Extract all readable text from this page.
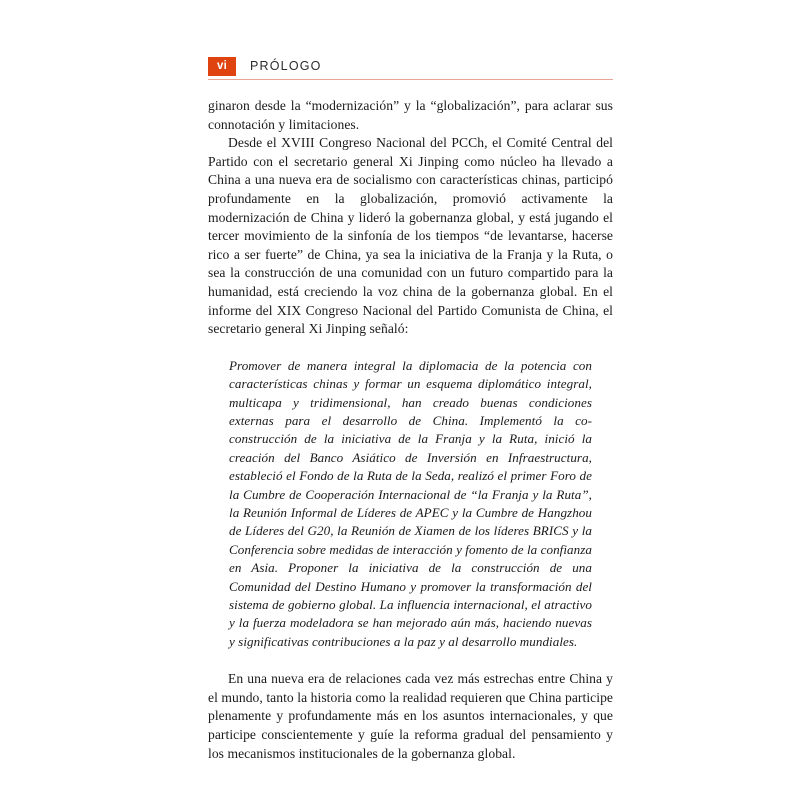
vi	PRÓLOGO

ginaron desde la “modernización” y la “globalización”, para aclarar sus connotación y limitaciones.

Desde el XVIII Congreso Nacional del PCCh, el Comité Central del Partido con el secretario general Xi Jinping como núcleo ha llevado a China a una nueva era de socialismo con características chinas, participó profundamente en la globalización, promovió activamente la modernización de China y lideró la gobernanza global, y está jugando el tercer movimiento de la sinfonía de los tiempos “de levantarse, hacerse rico a ser fuerte” de China, ya sea la iniciativa de la Franja y la Ruta, o sea la construcción de una comunidad con un futuro compartido para la humanidad, está creciendo la voz china de la gobernanza global. En el informe del XIX Congreso Nacional del Partido Comunista de China, el secretario general Xi Jinping señaló:

Promover de manera integral la diplomacia de la potencia con características chinas y formar un esquema diplomático integral, multicapa y tridimensional, han creado buenas condiciones externas para el desarrollo de China. Implementó la co-construcción de la iniciativa de la Franja y la Ruta, inició la creación del Banco Asiático de Inversión en Infraestructura, estableció el Fondo de la Ruta de la Seda, realizó el primer Foro de la Cumbre de Cooperación Internacional de “la Franja y la Ruta”, la Reunión Informal de Líderes de APEC y la Cumbre de Hangzhou de Líderes del G20, la Reunión de Xiamen de los líderes BRICS y la Conferencia sobre medidas de interacción y fomento de la confianza en Asia. Proponer la iniciativa de la construcción de una Comunidad del Destino Humano y promover la transformación del sistema de gobierno global. La influencia internacional, el atractivo y la fuerza modeladora se han mejorado aún más, haciendo nuevas y significativas contribuciones a la paz y al desarrollo mundiales.

En una nueva era de relaciones cada vez más estrechas entre China y el mundo, tanto la historia como la realidad requieren que China participe plenamente y profundamente más en los asuntos internacionales, y que participe conscientemente y guíe la reforma gradual del pensamiento y los mecanismos institucionales de la gobernanza global.
